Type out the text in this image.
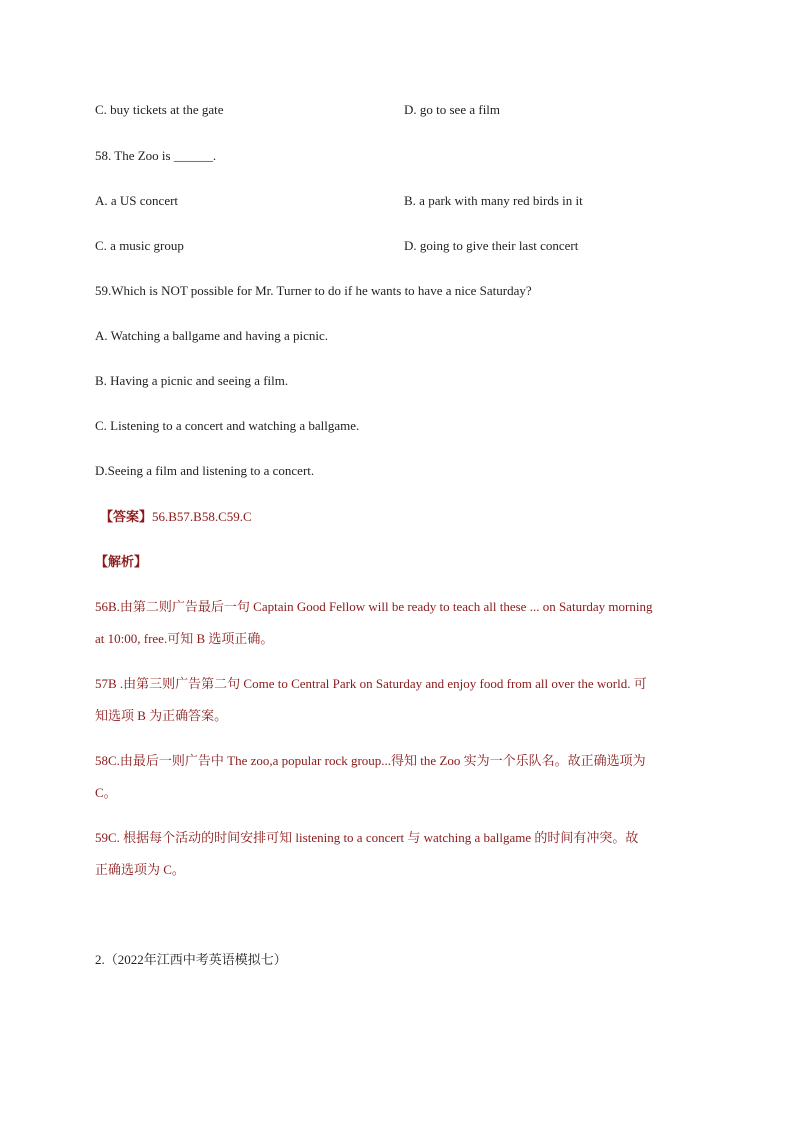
C. buy tickets at the gate	D. go to see a film
58. The Zoo is ______.
A. a US concert	B. a park with many red birds in it
C. a music group	D. going to give their last concert
59.Which is NOT possible for Mr. Turner to do if he wants to have a nice Saturday?
A. Watching a ballgame and having a picnic.
B. Having a picnic and seeing a film.
C. Listening to a concert and watching a ballgame.
D.Seeing a film and listening to a concert.
【答案】56.B57.B58.C59.C
【解析】
56B.由第二则广告最后一句 Captain Good Fellow will be ready to teach all these ... on Saturday morning
at 10:00, free.可知 B 选项正确。
57B .由第三则广告第二句 Come to Central Park on Saturday and enjoy food from all over the world. 可
知选项 B 为正确答案。
58C.由最后一则广告中 The zoo,a popular rock group...得知 the Zoo 实为一个乐队名。故正确选项为
C。
59C. 根据每个活动的时间安排可知 listening to a concert 与 watching a ballgame 的时间有冲突。故
正确选项为 C。
2.（2022年江西中考英语模拟七）
